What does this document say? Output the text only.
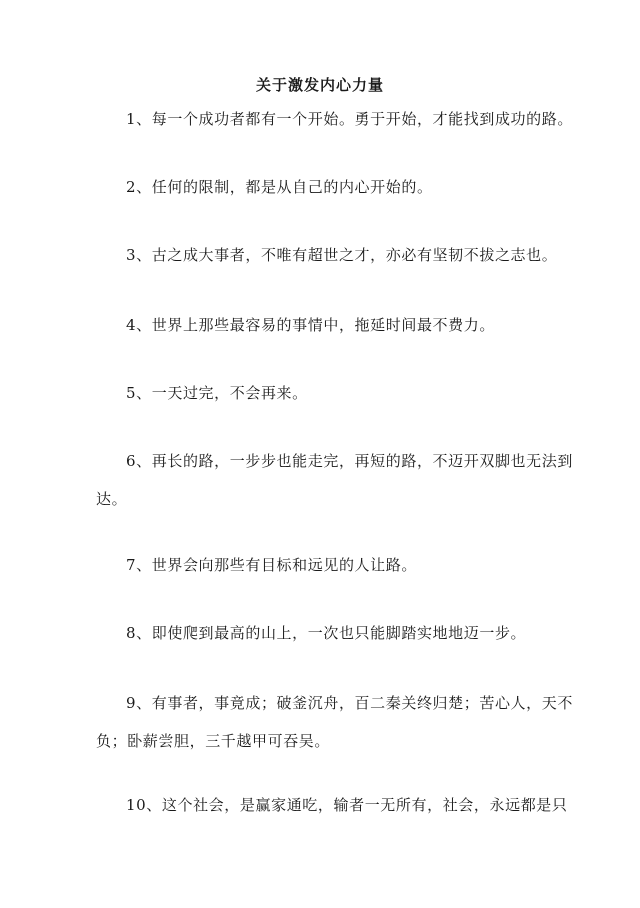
关于激发内心力量

1、每一个成功者都有一个开始。勇于开始，才能找到成功的路。

2、任何的限制，都是从自己的内心开始的。

3、古之成大事者，不唯有超世之才，亦必有坚韧不拔之志也。

4、世界上那些最容易的事情中，拖延时间最不费力。

5、一天过完，不会再来。

6、再长的路，一步步也能走完，再短的路，不迈开双脚也无法到达。

7、世界会向那些有目标和远见的人让路。

8、即使爬到最高的山上，一次也只能脚踏实地地迈一步。

9、有事者，事竟成；破釜沉舟，百二秦关终归楚；苦心人，天不负；卧薪尝胆，三千越甲可吞吴。

10、这个社会，是赢家通吃，输者一无所有，社会，永远都是只
